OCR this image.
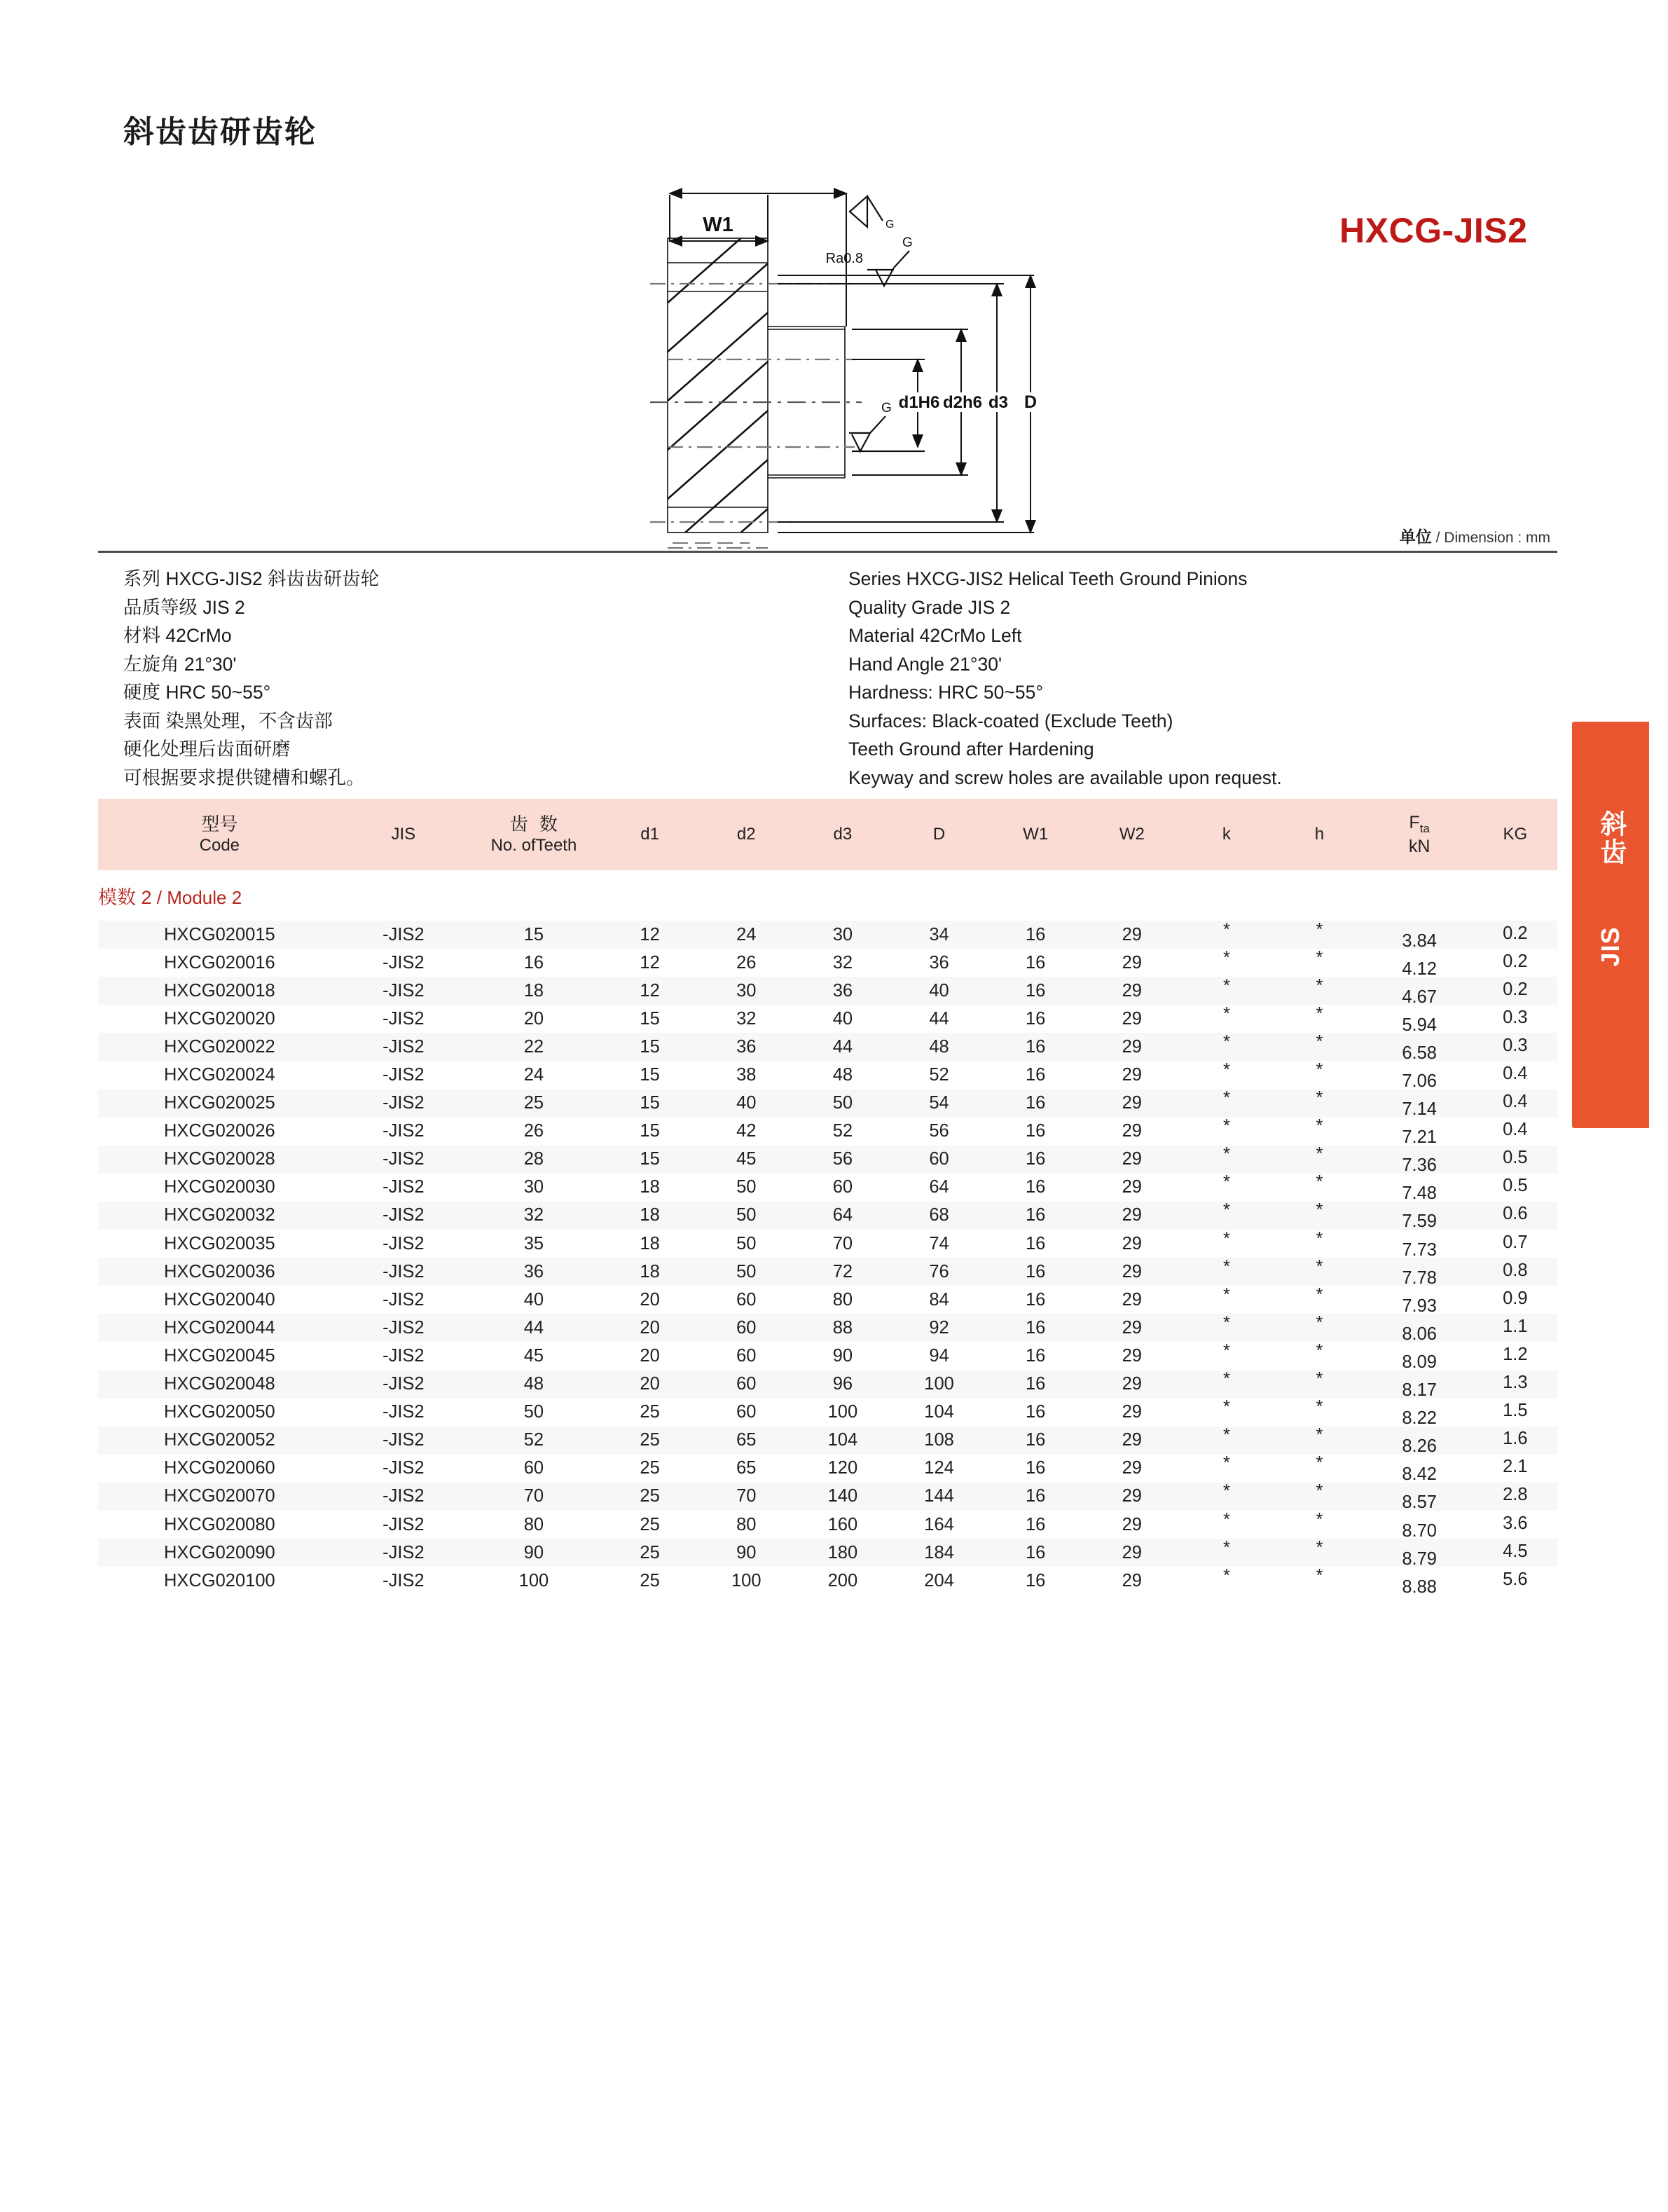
斜齿齿研齿轮
HXCG-JIS2
W1	G
Ra0.8
G
G d1H6 d2h6 d3 D
单位 / Dimension : mm
系列 HXCG-JIS2 斜齿齿研齿轮
品质等级 JIS 2
材料 42CrMo
左旋角 21°30'
硬度 HRC 50~55°
表面 染黑处理，不含齿部
硬化处理后齿面研磨
可根据要求提供键槽和螺孔。
Series HXCG-JIS2 Helical Teeth Ground Pinions
Quality Grade JIS 2
Material 42CrMo Left
Hand Angle 21°30'
Hardness: HRC 50~55°
Surfaces: Black-coated (Exclude Teeth)
Teeth Ground after Hardening
Keyway and screw holes are available upon request.
型号
Code	JIS	齿数
No. ofTeeth	d1	d2	d3	D	W1	W2	k	h	$F_{ta}$
kN	KG

模数 2 / Module 2												
HXCG020015	-JIS2	15	12	24	30	34	16	29	*	*	3.84	0.2
HXCG020016	-JIS2	16	12	26	32	36	16	29	*	*	4.12	0.2
HXCG020018	-JIS2	18	12	30	36	40	16	29	*	*	4.67	0.2
HXCG020020	-JIS2	20	15	32	40	44	16	29	*	*	5.94	0.3
HXCG020022	-JIS2	22	15	36	44	48	16	29	*	*	6.58	0.3
HXCG020024	-JIS2	24	15	38	48	52	16	29	*	*	7.06	0.4
HXCG020025	-JIS2	25	15	40	50	54	16	29	*	*	7.14	0.4
HXCG020026	-JIS2	26	15	42	52	56	16	29	*	*	7.21	0.4
HXCG020028	-JIS2	28	15	45	56	60	16	29	*	*	7.36	0.5
HXCG020030	-JIS2	30	18	50	60	64	16	29	*	*	7.48	0.5
HXCG020032	-JIS2	32	18	50	64	68	16	29	*	*	7.59	0.6
HXCG020035	-JIS2	35	18	50	70	74	16	29	*	*	7.73	0.7
HXCG020036	-JIS2	36	18	50	72	76	16	29	*	*	7.78	0.8
HXCG020040	-JIS2	40	20	60	80	84	16	29	*	*	7.93	0.9
HXCG020044	-JIS2	44	20	60	88	92	16	29	*	*	8.06	1.1
HXCG020045	-JIS2	45	20	60	90	94	16	29	*	*	8.09	1.2
HXCG020048	-JIS2	48	20	60	96	100	16	29	*	*	8.17	1.3
HXCG020050	-JIS2	50	25	60	100	104	16	29	*	*	8.22	1.5
HXCG020052	-JIS2	52	25	65	104	108	16	29	*	*	8.26	1.6
HXCG020060	-JIS2	60	25	65	120	124	16	29	*	*	8.42	2.1
HXCG020070	-JIS2	70	25	70	140	144	16	29	*	*	8.57	2.8
HXCG020080	-JIS2	80	25	80	160	164	16	29	*	*	8.70	3.6
HXCG020090	-JIS2	90	25	90	180	184	16	29	*	*	8.79	4.5
HXCG020100	-JIS2	100	25	100	200	204	16	29	*	*	8.88	5.6
斜齿
JIS
